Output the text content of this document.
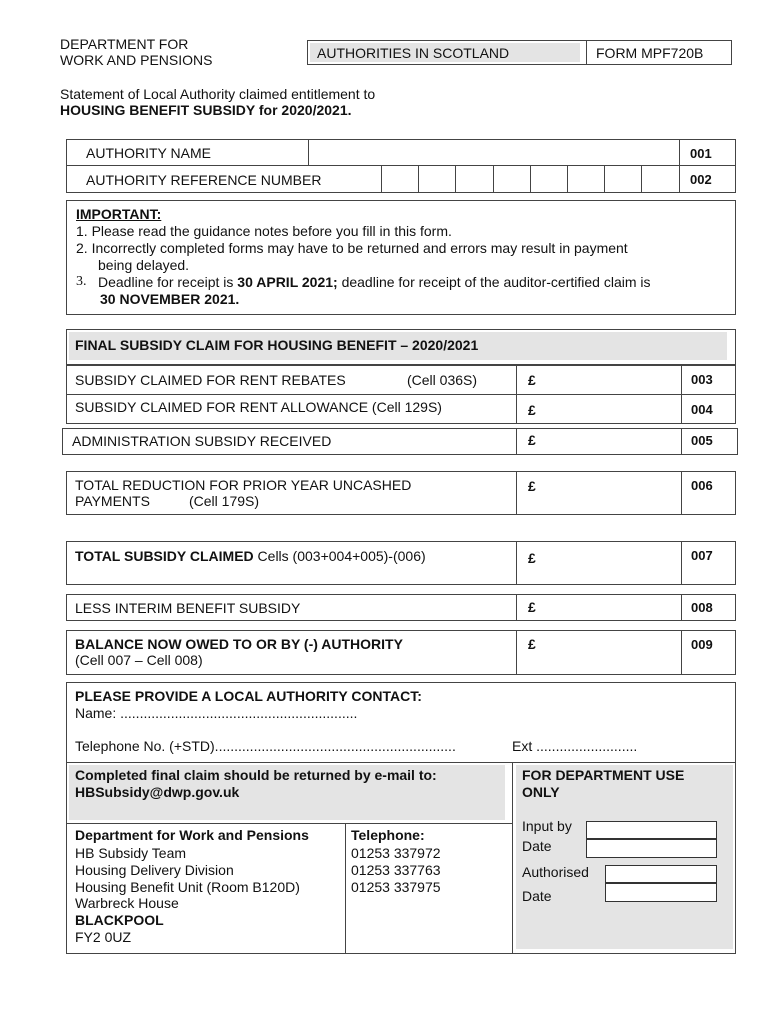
DEPARTMENT FOR
WORK AND PENSIONS	AUTHORITIES IN SCOTLAND	FORM MPF720B
Statement of Local Authority claimed entitlement to
HOUSING BENEFIT SUBSIDY for 2020/2021.
AUTHORITY NAME	001
AUTHORITY REFERENCE NUMBER	002
IMPORTANT:
1. Please read the guidance notes before you fill in this form.
2. Incorrectly completed forms may have to be returned and errors may result in payment
being delayed.
3. Deadline for receipt is 30 APRIL 2021; deadline for receipt of the auditor-certified claim is
30 NOVEMBER 2021.
FINAL SUBSIDY CLAIM FOR HOUSING BENEFIT – 2020/2021
SUBSIDY CLAIMED FOR RENT REBATES	(Cell 036S)	£	003
SUBSIDY CLAIMED FOR RENT ALLOWANCE (Cell 129S)	£	004
ADMINISTRATION SUBSIDY RECEIVED	£	005
TOTAL REDUCTION FOR PRIOR YEAR UNCASHED
PAYMENTS	(Cell 179S)
£	006
TOTAL SUBSIDY CLAIMED Cells (003+004+005)-(006)	£	007
LESS INTERIM BENEFIT SUBSIDY	£	008
BALANCE NOW OWED TO OR BY (-) AUTHORITY
(Cell 007 – Cell 008)
£	009
PLEASE PROVIDE A LOCAL AUTHORITY CONTACT:
Name: .............................................................
Telephone No. (+STD)..............................................................	Ext ..........................
Completed final claim should be returned by e-mail to:
HBSubsidy@dwp.gov.uk
Department for Work and Pensions
HB Subsidy Team
Housing Delivery Division
Housing Benefit Unit (Room B120D)
Warbreck House
BLACKPOOL
FY2 0UZ
Telephone:
01253 337972
01253 337763
01253 337975
FOR DEPARTMENT USE
ONLY
Input by
Date
Authorised
Date
